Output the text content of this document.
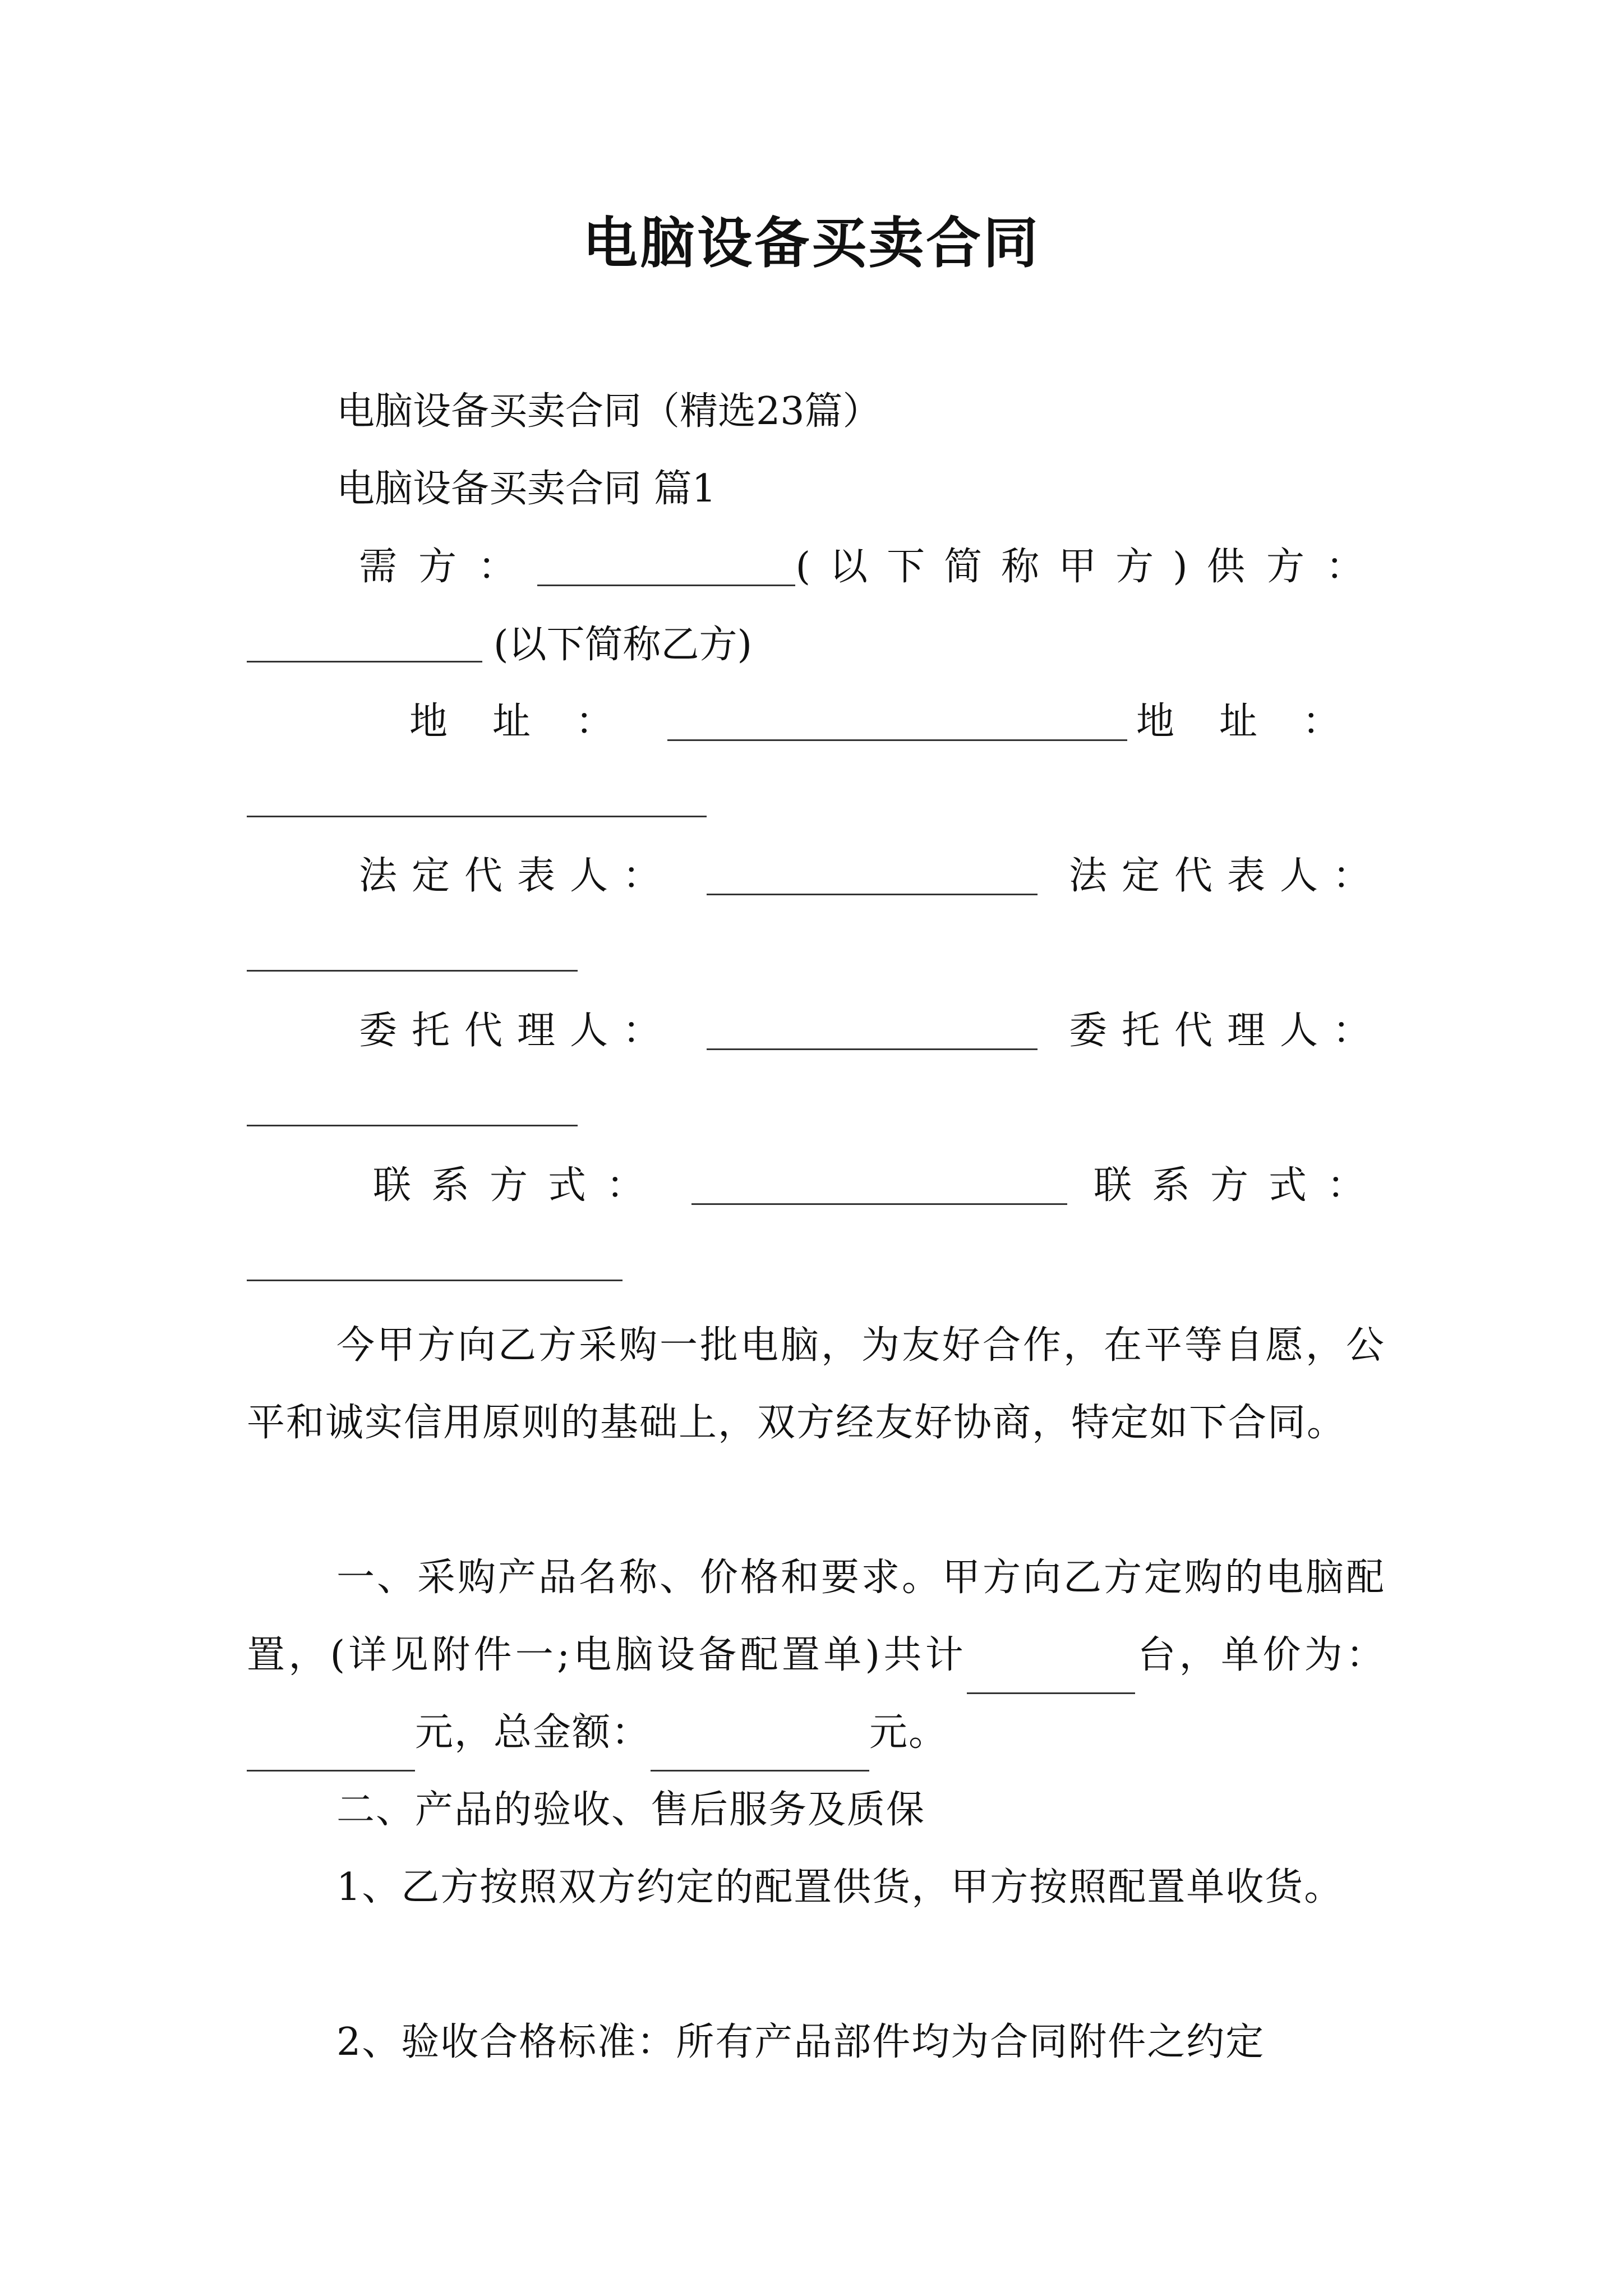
电脑设备买卖合同
电脑设备买卖合同（精选23篇）
电脑设备买卖合同 篇1
需方：	(以下简称甲方) 供方：
(以下简称乙方)
地址：	地址：
法定代表人：	法定代表人：
委托代理人：	委托代理人：
联系方式：	联系方式：
今甲方向乙方采购一批电脑，为友好合作，在平等自愿，公平和诚实信用原则的基础上，双方经友好协商，特定如下合同。
一、采购产品名称、价格和要求。甲方向乙方定购的电脑配置，(详见附件一;电脑设备配置单)共计	台，单价为：元，总金额：	元。
二、产品的验收、售后服务及质保
1、乙方按照双方约定的配置供货，甲方按照配置单收货。
2、验收合格标准：所有产品部件均为合同附件之约定
